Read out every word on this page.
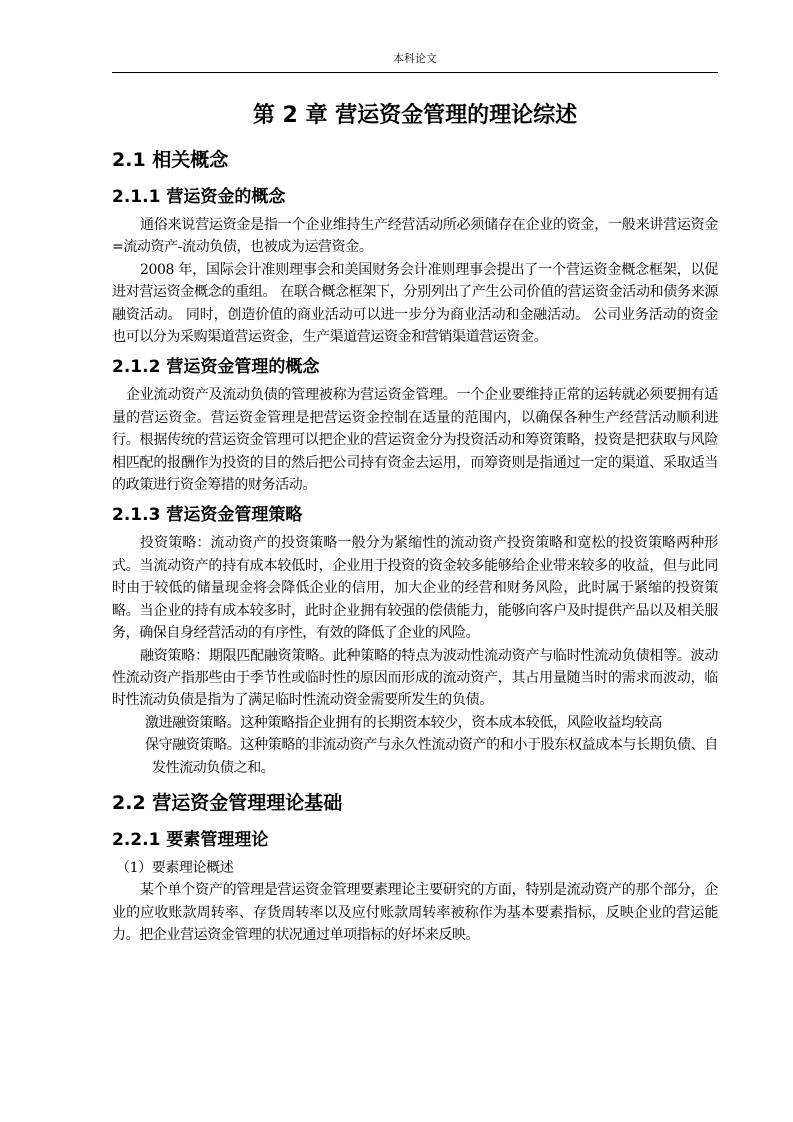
本科论文
第 2 章 营运资金管理的理论综述
2.1 相关概念
2.1.1 营运资金的概念

通俗来说营运资金是指一个企业维持生产经营活动所必须储存在企业的资金，一般来讲营运资金=流动资产-流动负债，也被成为运营资金。

2008 年，国际会计准则理事会和美国财务会计准则理事会提出了一个营运资金概念框架，以促进对营运资金概念的重组。 在联合概念框架下，分别列出了产生公司价值的营运资金活动和债务来源融资活动。 同时，创造价值的商业活动可以进一步分为商业活动和金融活动。 公司业务活动的资金也可以分为采购渠道营运资金，生产渠道营运资金和营销渠道营运资金。

2.1.2 营运资金管理的概念

企业流动资产及流动负债的管理被称为营运资金管理。一个企业要维持正常的运转就必须要拥有适量的营运资金。营运资金管理是把营运资金控制在适量的范围内，以确保各种生产经营活动顺利进行。根据传统的营运资金管理可以把企业的营运资金分为投资活动和筹资策略，投资是把获取与风险相匹配的报酬作为投资的目的然后把公司持有资金去运用，而筹资则是指通过一定的渠道、采取适当的政策进行资金筹措的财务活动。

2.1.3 营运资金管理策略

投资策略：流动资产的投资策略一般分为紧缩性的流动资产投资策略和宽松的投资策略两种形式。当流动资产的持有成本较低时，企业用于投资的资金较多能够给企业带来较多的收益，但与此同时由于较低的储量现金将会降低企业的信用，加大企业的经营和财务风险，此时属于紧缩的投资策略。当企业的持有成本较多时，此时企业拥有较强的偿债能力，能够向客户及时提供产品以及相关服务，确保自身经营活动的有序性，有效的降低了企业的风险。

融资策略：期限匹配融资策略。此种策略的特点为波动性流动资产与临时性流动负债相等。波动性流动资产指那些由于季节性或临时性的原因而形成的流动资产，其占用量随当时的需求而波动，临时性流动负债是指为了满足临时性流动资金需要所发生的负债。

激进融资策略。这种策略指企业拥有的长期资本较少，资本成本较低，风险收益均较高

保守融资策略。这种策略的非流动资产与永久性流动资产的和小于股东权益成本与长期负债、自发性流动负债之和。

2.2 营运资金管理理论基础
2.2.1 要素管理理论

（1）要素理论概述

某个单个资产的管理是营运资金管理要素理论主要研究的方面，特别是流动资产的那个部分，企业的应收账款周转率、存货周转率以及应付账款周转率被称作为基本要素指标，反映企业的营运能力。把企业营运资金管理的状况通过单项指标的好坏来反映。
